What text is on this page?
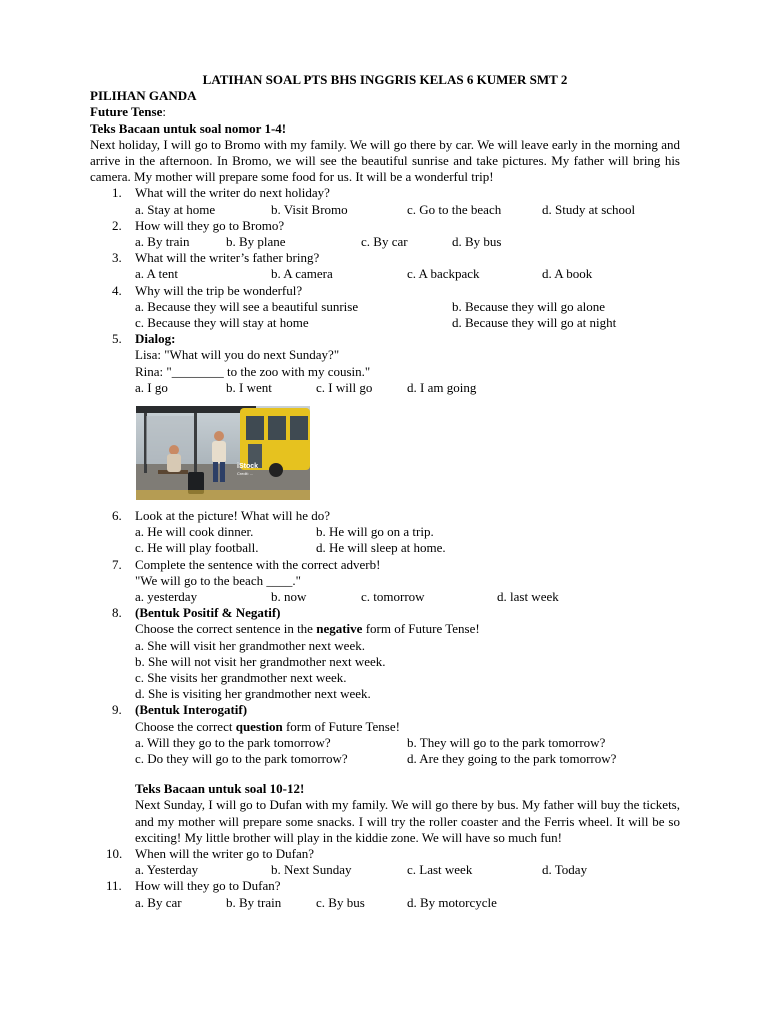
LATIHAN SOAL PTS BHS INGGRIS KELAS 6 KUMER SMT 2

PILIHAN GANDA

Future Tense:

Teks Bacaan untuk soal nomor 1-4!

Next holiday, I will go to Bromo with my family. We will go there by car. We will leave early in the morning and arrive in the afternoon. In Bromo, we will see the beautiful sunrise and take pictures. My father will bring his camera. My mother will prepare some food for us. It will be a wonderful trip!

1. What will the writer do next holiday?
a. Stay at home	b. Visit Bromo	c. Go to the beach	d. Study at school
2. How will they go to Bromo?
a. By train	b. By plane	c. By car	d. By bus
3. What will the writer’s father bring?
a. A tent	b. A camera	c. A backpack	d. A book
4. Why will the trip be wonderful?
a. Because they will see a beautiful sunrise	b. Because they will go alone
c. Because they will stay at home	d. Because they will go at night
5. Dialog:

Lisa: "What will you do next Sunday?"

Rina: "________ to the zoo with my cousin."

a. I go	b. I went	c. I will go	d. I am going
iStock
Credit: ...
6. Look at the picture! What will he do?
a. He will cook dinner.	b. He will go on a trip.
c. He will play football.	d. He will sleep at home.
7. Complete the sentence with the correct adverb!

"We will go to the beach ____."

a. yesterday	b. now	c. tomorrow	d. last week
8. (Bentuk Positif & Negatif)

Choose the correct sentence in the negative form of Future Tense!

a. She will visit her grandmother next week.

b. She will not visit her grandmother next week.

c. She visits her grandmother next week.

d. She is visiting her grandmother next week.

9. (Bentuk Interogatif)

Choose the correct question form of Future Tense!

a. Will they go to the park tomorrow?	b. They will go to the park tomorrow?
c. Do they will go to the park tomorrow?	d. Are they going to the park tomorrow?

Teks Bacaan untuk soal 10-12!

Next Sunday, I will go to Dufan with my family. We will go there by bus. My father will buy the tickets, and my mother will prepare some snacks. I will try the roller coaster and the Ferris wheel. It will be so exciting! My little brother will play in the kiddie zone. We will have so much fun!

10. When will the writer go to Dufan?
a. Yesterday	b. Next Sunday	c. Last week	d. Today
11. How will they go to Dufan?
a. By car	b. By train	c. By bus	d. By motorcycle
